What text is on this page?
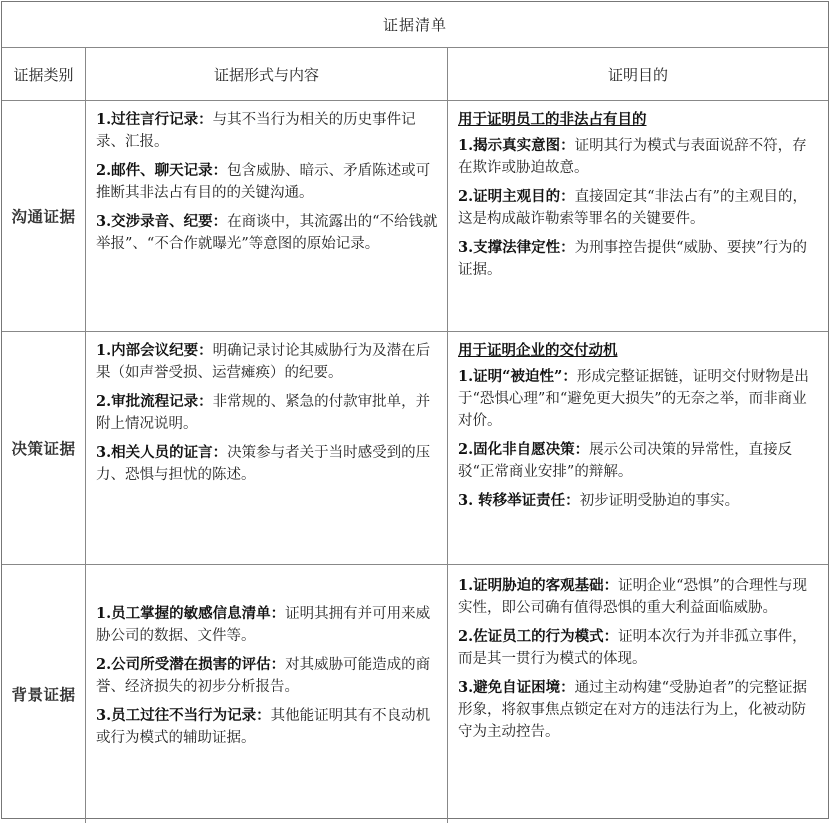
证据清单
证据类别	证据形式与内容	证明目的
沟通证据
1.过往言行记录：与其不当行为相关的历史事件记录、汇报。
2.邮件、聊天记录：包含威胁、暗示、矛盾陈述或可推断其非法占有目的的关键沟通。
3.交涉录音、纪要：在商谈中，其流露出的“不给钱就举报”、“不合作就曝光”等意图的原始记录。
用于证明员工的非法占有目的
1.揭示真实意图：证明其行为模式与表面说辞不符，存在欺诈或胁迫故意。
2.证明主观目的：直接固定其“非法占有”的主观目的，这是构成敲诈勒索等罪名的关键要件。
3.支撑法律定性：为刑事控告提供“威胁、要挟”行为的证据。
决策证据
1.内部会议纪要：明确记录讨论其威胁行为及潜在后果（如声誉受损、运营瘫痪）的纪要。
2.审批流程记录：非常规的、紧急的付款审批单，并附上情况说明。
3.相关人员的证言：决策参与者关于当时感受到的压力、恐惧与担忧的陈述。
用于证明企业的交付动机
1.证明“被迫性”：形成完整证据链，证明交付财物是出于“恐惧心理”和“避免更大损失”的无奈之举，而非商业对价。
2.固化非自愿决策：展示公司决策的异常性，直接反驳“正常商业安排”的辩解。
3. 转移举证责任：初步证明受胁迫的事实。
背景证据
1.员工掌握的敏感信息清单：证明其拥有并可用来威胁公司的数据、文件等。
2.公司所受潜在损害的评估：对其威胁可能造成的商誉、经济损失的初步分析报告。
3.员工过往不当行为记录：其他能证明其有不良动机或行为模式的辅助证据。
1.证明胁迫的客观基础：证明企业“恐惧”的合理性与现实性，即公司确有值得恐惧的重大利益面临威胁。
2.佐证员工的行为模式：证明本次行为并非孤立事件，而是其一贯行为模式的体现。
3.避免自证困境：通过主动构建“受胁迫者”的完整证据形象，将叙事焦点锁定在对方的违法行为上，化被动防守为主动控告。
